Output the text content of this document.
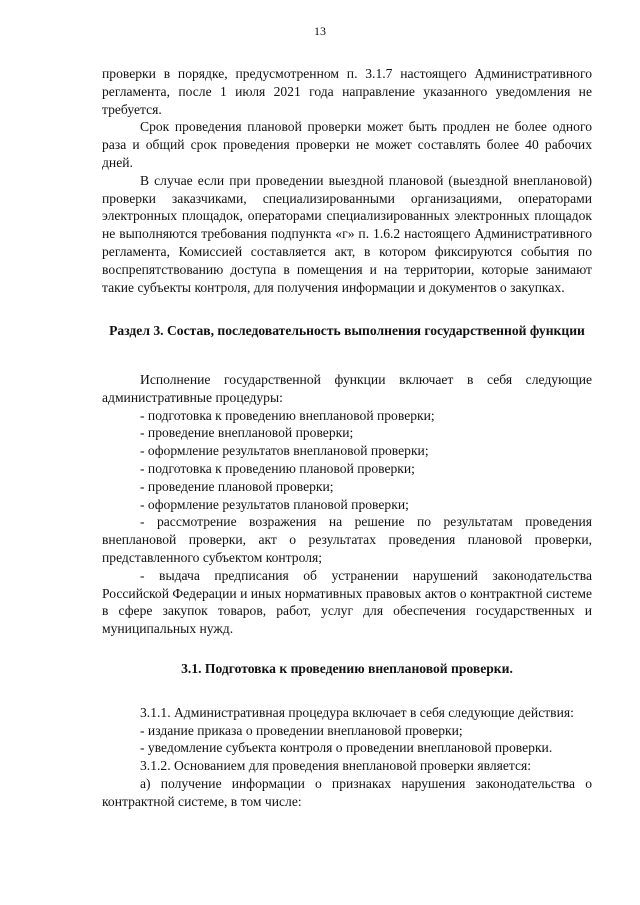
13

проверки в порядке, предусмотренном п. 3.1.7 настоящего Административного регламента, после 1 июля 2021 года направление указанного уведомления не требуется.

Срок проведения плановой проверки может быть продлен не более одного раза и общий срок проведения проверки не может составлять более 40 рабочих дней.

В случае если при проведении выездной плановой (выездной внеплановой) проверки заказчиками, специализированными организациями, операторами электронных площадок, операторами специализированных электронных площадок не выполняются требования подпункта «г» п. 1.6.2 настоящего Административного регламента, Комиссией составляется акт, в котором фиксируются события по воспрепятствованию доступа в помещения и на территории, которые занимают такие субъекты контроля, для получения информации и документов о закупках.

Раздел 3. Состав, последовательность выполнения государственной функции

Исполнение государственной функции включает в себя следующие административные процедуры:

- подготовка к проведению внеплановой проверки;

- проведение внеплановой проверки;

- оформление результатов внеплановой проверки;

- подготовка к проведению плановой проверки;

- проведение плановой проверки;

- оформление результатов плановой проверки;

- рассмотрение возражения на решение по результатам проведения внеплановой проверки, акт о результатах проведения плановой проверки, представленного субъектом контроля;

- выдача предписания об устранении нарушений законодательства Российской Федерации и иных нормативных правовых актов о контрактной системе в сфере закупок товаров, работ, услуг для обеспечения государственных и муниципальных нужд.

3.1. Подготовка к проведению внеплановой проверки.

3.1.1. Административная процедура включает в себя следующие действия:

- издание приказа о проведении внеплановой проверки;

- уведомление субъекта контроля о проведении внеплановой проверки.

3.1.2. Основанием для проведения внеплановой проверки является:

а) получение информации о признаках нарушения законодательства о контрактной системе, в том числе:
